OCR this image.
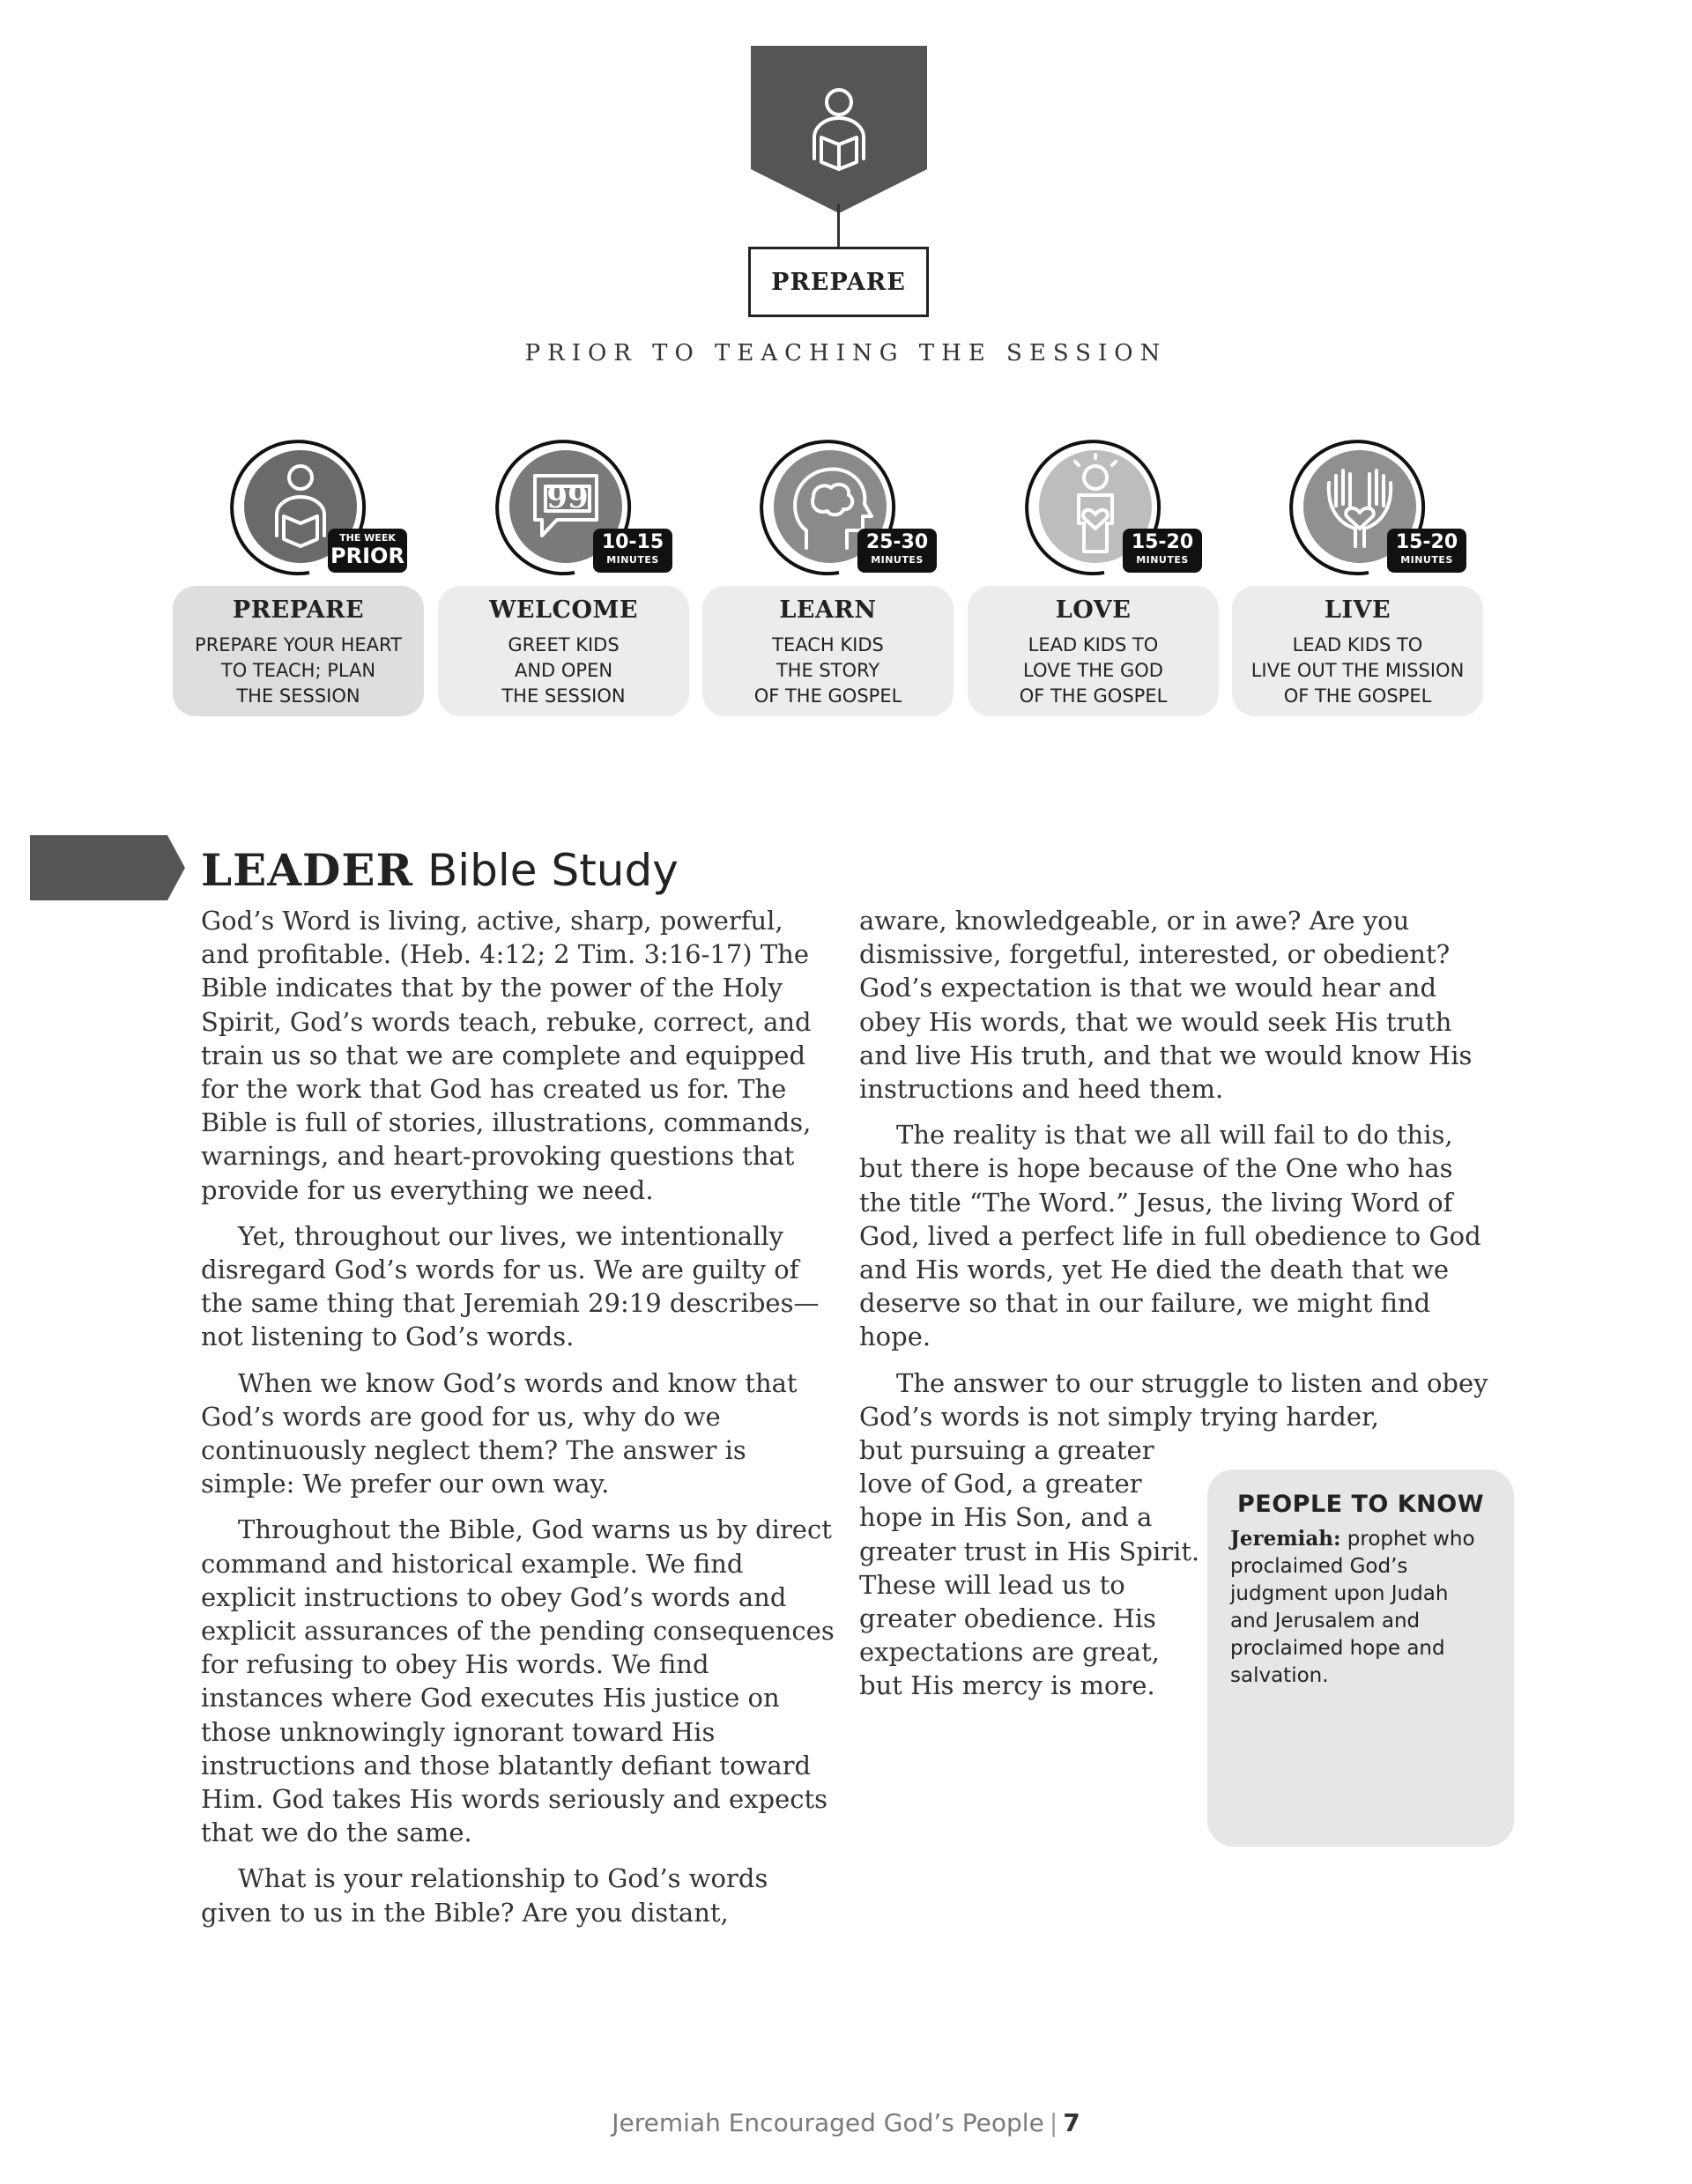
PREPARE
PRIOR TO TEACHING THE SESSION
THE WEEK
PRIOR
PREPARE
PREPARE YOUR HEART
TO TEACH; PLAN
THE SESSION
99
10-15
MINUTES
WELCOME
GREET KIDS
AND OPEN
THE SESSION
25-30
MINUTES
LEARN
TEACH KIDS
THE STORY
OF THE GOSPEL
15-20
MINUTES
LOVE
LEAD KIDS TO
LOVE THE GOD
OF THE GOSPEL
15-20
MINUTES
LIVE
LEAD KIDS TO
LIVE OUT THE MISSION
OF THE GOSPEL
LEADER Bible Study

God’s Word is living, active, sharp, powerful, and profitable. (Heb. 4:12; 2 Tim. 3:16-17) The Bible indicates that by the power of the Holy Spirit, God’s words teach, rebuke, correct, and train us so that we are complete and equipped for the work that God has created us for. The Bible is full of stories, illustrations, commands, warnings, and heart-provoking questions that provide for us everything we need.

Yet, throughout our lives, we intentionally disregard God’s words for us. We are guilty of the same thing that Jeremiah 29:19 describes—not listening to God’s words.

When we know God’s words and know that God’s words are good for us, why do we continuously neglect them? The answer is simple: We prefer our own way.

Throughout the Bible, God warns us by direct command and historical example. We find explicit instructions to obey God’s words and explicit assurances of the pending consequences for refusing to obey His words. We find instances where God executes His justice on those unknowingly ignorant toward His instructions and those blatantly defiant toward Him. God takes His words seriously and expects that we do the same.

What is your relationship to God’s words given to us in the Bible? Are you distant,

aware, knowledgeable, or in awe? Are you dismissive, forgetful, interested, or obedient? God’s expectation is that we would hear and obey His words, that we would seek His truth and live His truth, and that we would know His instructions and heed them.

The reality is that we all will fail to do this, but there is hope because of the One who has the title “The Word.” Jesus, the living Word of God, lived a perfect life in full obedience to God and His words, yet He died the death that we deserve so that in our failure, we might find hope.

The answer to our struggle to listen and obey God’s words is not simply trying harder,

but pursuing a greater love of God, a greater hope in His Son, and a greater trust in His Spirit. These will lead us to greater obedience. His expectations are great, but His mercy is more.

PEOPLE TO KNOW
Jeremiah: prophet who proclaimed God’s judgment upon Judah and Jerusalem and proclaimed hope and salvation.
Jeremiah Encouraged God’s People | 7
